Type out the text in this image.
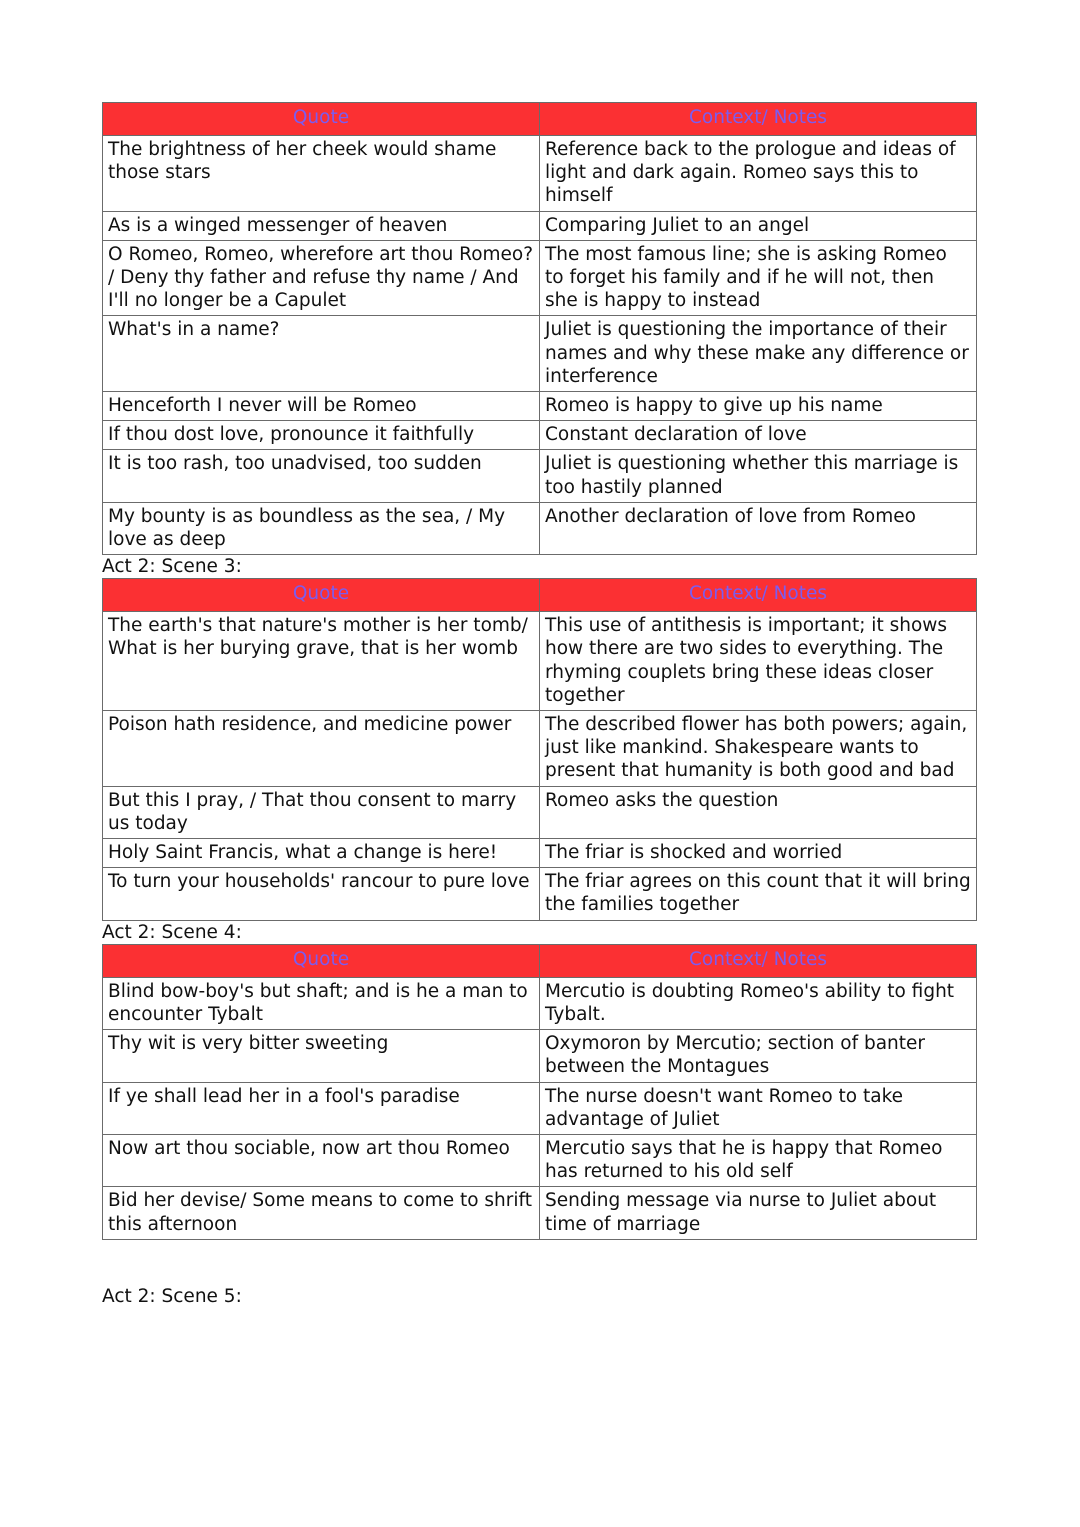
Quote	Context/ Notes
The brightness of her cheek would shame those stars	Reference back to the prologue and ideas of light and dark again. Romeo says this to himself
As is a winged messenger of heaven	Comparing Juliet to an angel
O Romeo, Romeo, wherefore art thou Romeo? / Deny thy father and refuse thy name / And I'll no longer be a Capulet	The most famous line; she is asking Romeo to forget his family and if he will not, then she is happy to instead
What's in a name?	Juliet is questioning the importance of their names and why these make any difference or interference
Henceforth I never will be Romeo	Romeo is happy to give up his name
If thou dost love, pronounce it faithfully	Constant declaration of love
It is too rash, too unadvised, too sudden	Juliet is questioning whether this marriage is too hastily planned
My bounty is as boundless as the sea, / My love as deep	Another declaration of love from Romeo

Act 2: Scene 3:

Quote	Context/ Notes
The earth's that nature's mother is her tomb/ What is her burying grave, that is her womb	This use of antithesis is important; it shows how there are two sides to everything. The rhyming couplets bring these ideas closer together
Poison hath residence, and medicine power	The described flower has both powers; again, just like mankind. Shakespeare wants to present that humanity is both good and bad
But this I pray, / That thou consent to marry us today	Romeo asks the question
Holy Saint Francis, what a change is here!	The friar is shocked and worried
To turn your households' rancour to pure love	The friar agrees on this count that it will bring the families together

Act 2: Scene 4:

Quote	Context/ Notes
Blind bow-boy's but shaft; and is he a man to encounter Tybalt	Mercutio is doubting Romeo's ability to fight Tybalt.
Thy wit is very bitter sweeting	Oxymoron by Mercutio; section of banter between the Montagues
If ye shall lead her in a fool's paradise	The nurse doesn't want Romeo to take advantage of Juliet
Now art thou sociable, now art thou Romeo	Mercutio says that he is happy that Romeo has returned to his old self
Bid her devise/ Some means to come to shrift this afternoon	Sending message via nurse to Juliet about time of marriage

Act 2: Scene 5:
